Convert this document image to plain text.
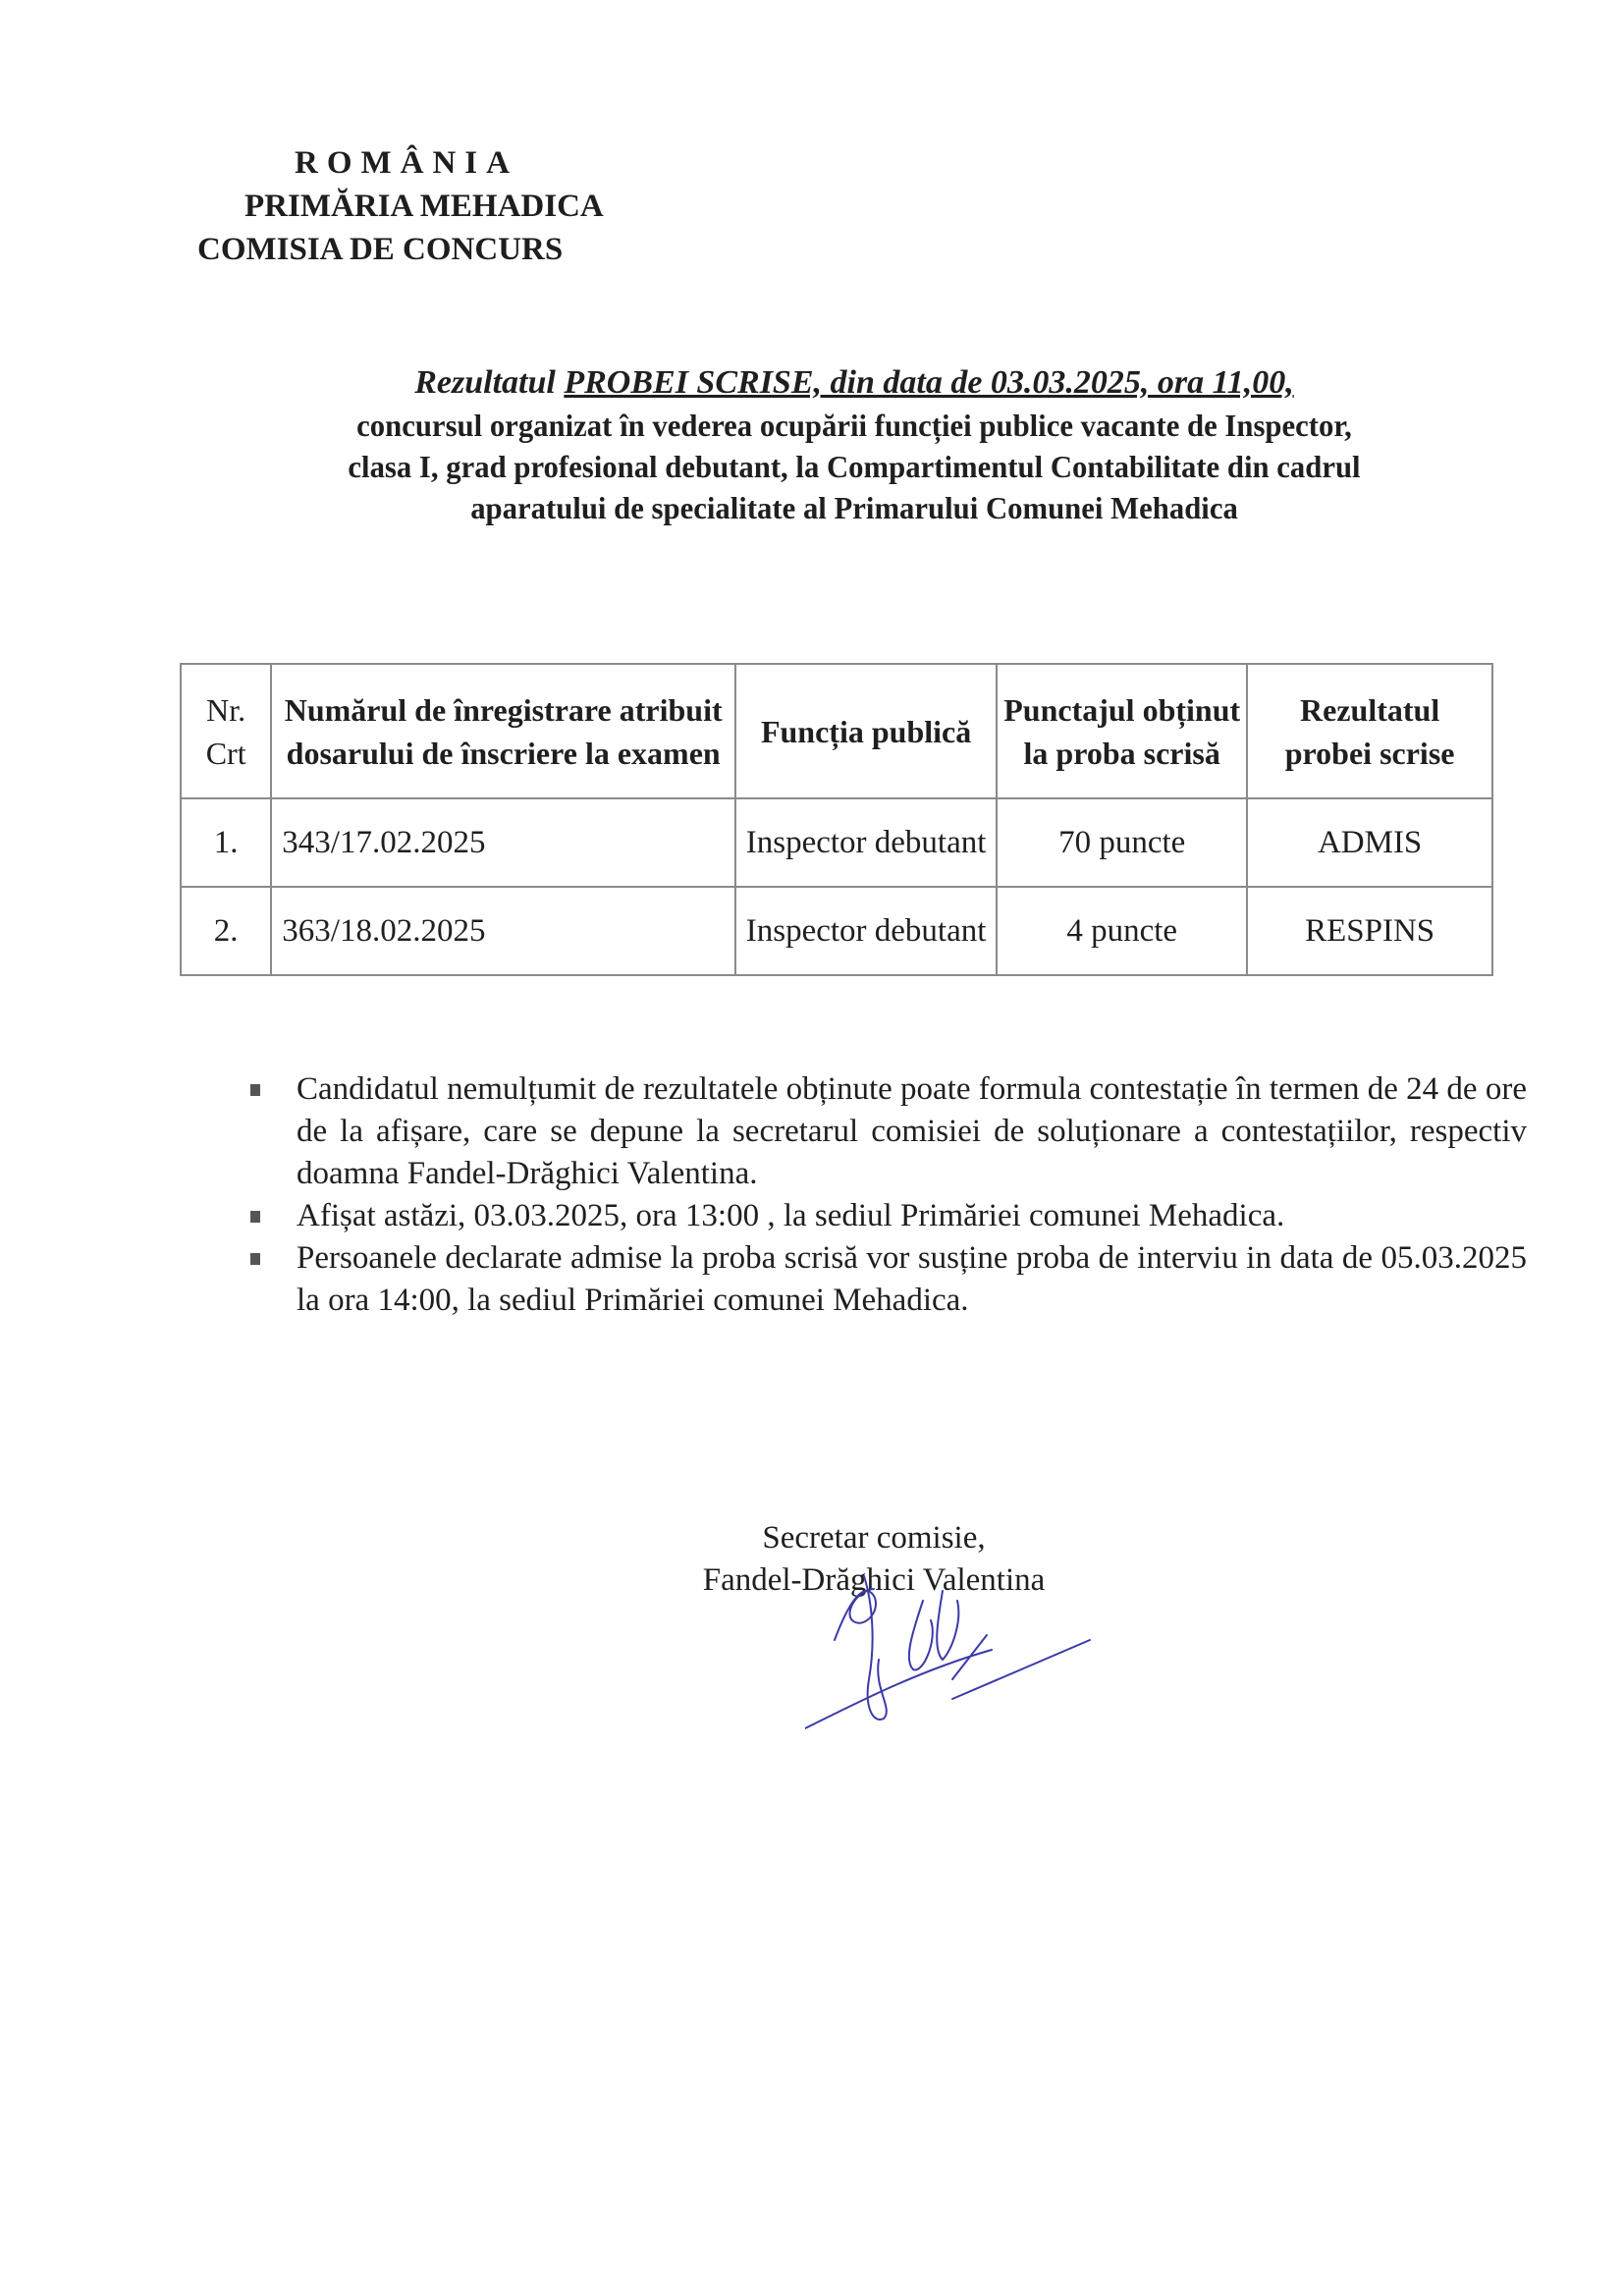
ROMÂNIA
PRIMĂRIA MEHADICA
COMISIA DE CONCURS
Rezultatul PROBEI SCRISE, din data de 03.03.2025, ora 11,00,
concursul organizat în vederea ocupării funcției publice vacante de Inspector,
clasa I, grad profesional debutant, la Compartimentul Contabilitate din cadrul
aparatului de specialitate al Primarului Comunei Mehadica
Nr. Crt	Numărul de înregistrare atribuit dosarului de înscriere la examen	Funcția publică	Punctajul obținut la proba scrisă	Rezultatul probei scrise
1.	343/17.02.2025	Inspector debutant	70 puncte	ADMIS
2.	363/18.02.2025	Inspector debutant	4 puncte	RESPINS
Candidatul nemulțumit de rezultatele obținute poate formula contestație în termen de 24 de ore de la afișare, care se depune la secretarul comisiei de soluționare a contestațiilor, respectiv doamna Fandel-Drăghici Valentina.
Afișat astăzi, 03.03.2025, ora 13:00 , la sediul Primăriei comunei Mehadica.
Persoanele declarate admise la proba scrisă vor susține proba de interviu in data de 05.03.2025 la ora 14:00, la sediul Primăriei comunei Mehadica.
Secretar comisie,
Fandel-Drăghici Valentina
